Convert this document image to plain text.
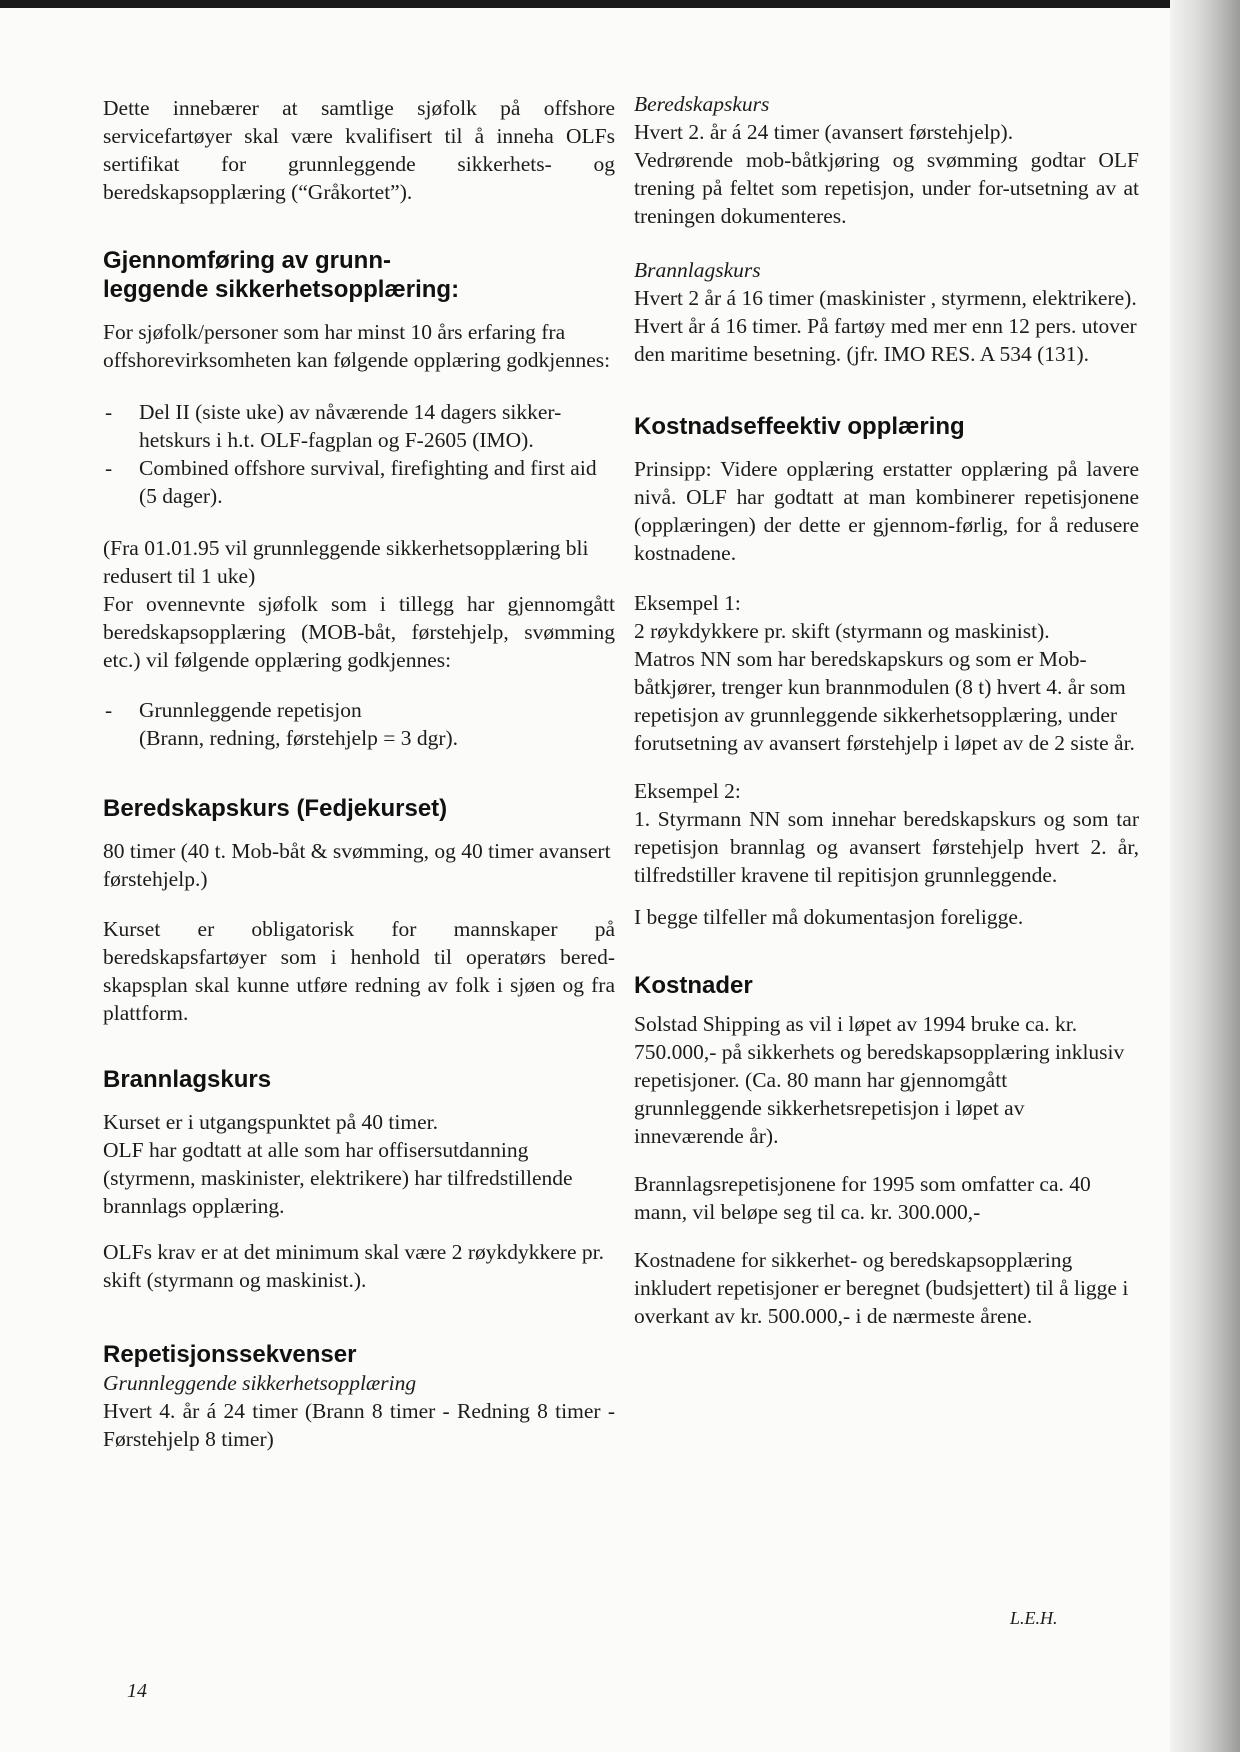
Dette innebærer at samtlige sjøfolk på offshore servicefartøyer skal være kvalifisert til å inneha OLFs sertifikat for grunnleggende sikkerhets- og beredskapsopplæring (“Gråkortet”).

Gjennomføring av grunn-
leggende sikkerhetsopplæring:

For sjøfolk/personer som har minst 10 års erfaring fra offshorevirksomheten kan følgende opplæring godkjennes:

- Del II (siste uke) av nåværende 14 dagers sikker-hetskurs i h.t. OLF-fagplan og F-2605 (IMO).
- Combined offshore survival, firefighting and first aid (5 dager).

(Fra 01.01.95 vil grunnleggende sikkerhetsopplæring bli redusert til 1 uke)

For ovennevnte sjøfolk som i tillegg har gjennomgått beredskapsopplæring (MOB-båt, førstehjelp, svømming etc.) vil følgende opplæring godkjennes:

- Grunnleggende repetisjon
(Brann, redning, førstehjelp = 3 dgr).
Beredskapskurs (Fedjekurset)

80 timer (40 t. Mob-båt & svømming, og 40 timer avansert førstehjelp.)

Kurset er obligatorisk for mannskaper på beredskapsfartøyer som i henhold til operatørs bered-skapsplan skal kunne utføre redning av folk i sjøen og fra plattform.

Brannlagskurs

Kurset er i utgangspunktet på 40 timer.
OLF har godtatt at alle som har offisersutdanning (styrmenn, maskinister, elektrikere) har tilfredstillende brannlags opplæring.

OLFs krav er at det minimum skal være 2 røykdykkere pr. skift (styrmann og maskinist.).

Repetisjonssekvenser

Grunnleggende sikkerhetsopplæring

Hvert 4. år á 24 timer (Brann 8 timer - Redning 8 timer - Førstehjelp 8 timer)

Beredskapskurs

Hvert 2. år á 24 timer (avansert førstehjelp).

Vedrørende mob-båtkjøring og svømming godtar OLF trening på feltet som repetisjon, under for-utsetning av at treningen dokumenteres.

Brannlagskurs

Hvert 2 år á 16 timer (maskinister , styrmenn, elektrikere).

Hvert år á 16 timer. På fartøy med mer enn 12 pers. utover den maritime besetning. (jfr. IMO RES. A 534 (131).

Kostnadseffeektiv opplæring

Prinsipp: Videre opplæring erstatter opplæring på lavere nivå. OLF har godtatt at man kombinerer repetisjonene (opplæringen) der dette er gjennom-førlig, for å redusere kostnadene.

Eksempel 1:

2 røykdykkere pr. skift (styrmann og maskinist).

Matros NN som har beredskapskurs og som er Mob-båtkjører, trenger kun brannmodulen (8 t) hvert 4. år som repetisjon av grunnleggende sikkerhetsopplæring, under forutsetning av avansert førstehjelp i løpet av de 2 siste år.

Eksempel 2:

1. Styrmann NN som innehar beredskapskurs og som tar repetisjon brannlag og avansert førstehjelp hvert 2. år, tilfredstiller kravene til repitisjon grunnleggende.

I begge tilfeller må dokumentasjon foreligge.

Kostnader

Solstad Shipping as vil i løpet av 1994 bruke ca. kr. 750.000,- på sikkerhets og beredskapsopplæring inklusiv repetisjoner. (Ca. 80 mann har gjennomgått grunnleggende sikkerhetsrepetisjon i løpet av inneværende år).

Brannlagsrepetisjonene for 1995 som omfatter ca. 40 mann, vil beløpe seg til ca. kr. 300.000,-

Kostnadene for sikkerhet- og beredskapsopplæring inkludert repetisjoner er beregnet (budsjettert) til å ligge i overkant av kr. 500.000,- i de nærmeste årene.

L.E.H.
14
